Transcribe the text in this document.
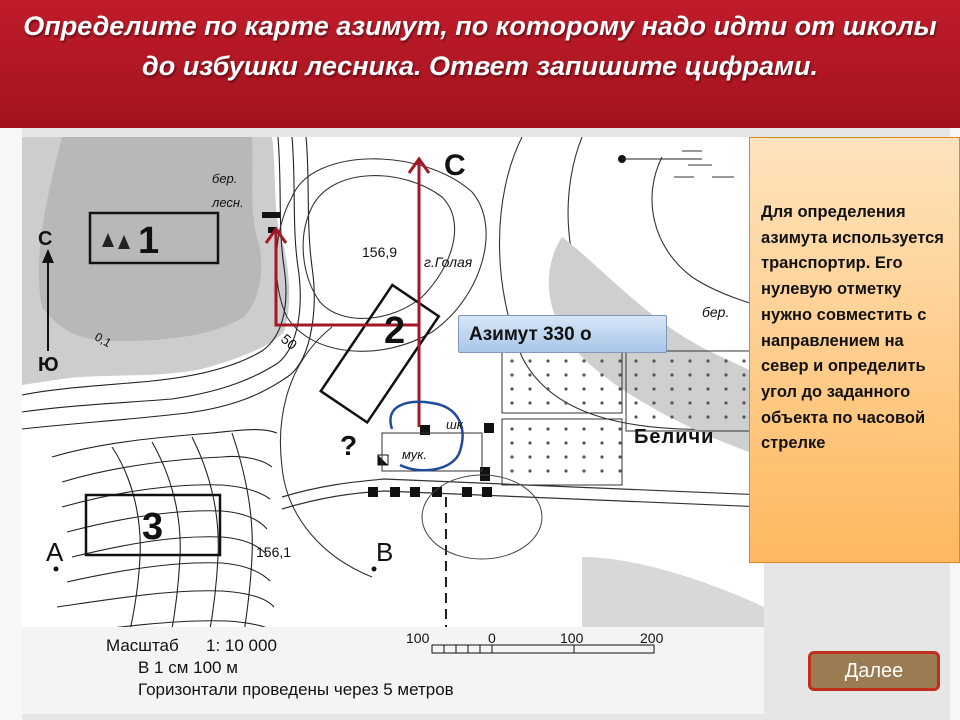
Определите по карте азимут, по которому надо идти от школы до избушки лесника. Ответ запишите цифрами.
С
Ю
С
1
2
3
А	В
?
156,9
г.Голая
бер.
лесн.
бер.
50
0,1
мук.
шк
Беличи
156,1
Масштаб 1: 10 000
В 1 см 100 м
Горизонтали проведены через 5 метров
100	0	100	200
Азимут 330 о
Для определения азимута используется транспортир. Его нулевую отметку нужно совместить с направлением на север и определить угол до заданного объекта по часовой стрелке
Далее
